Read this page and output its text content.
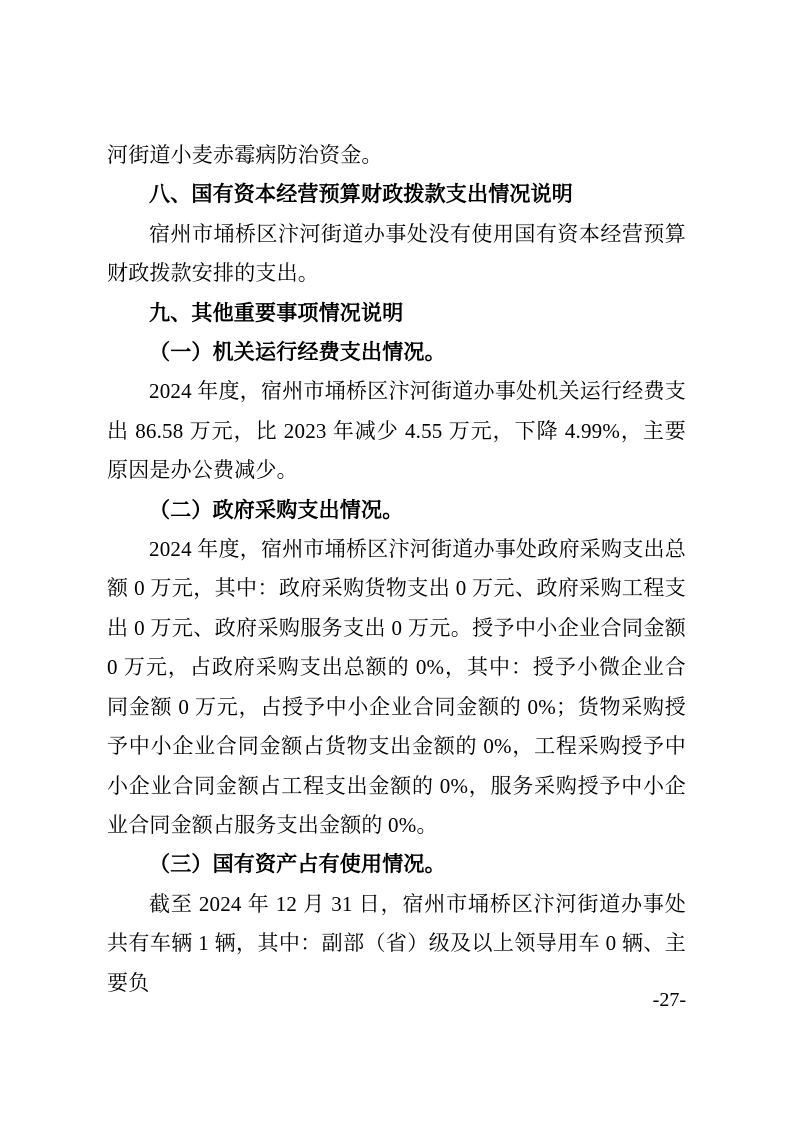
河街道小麦赤霉病防治资金。

八、国有资本经营预算财政拨款支出情况说明

宿州市埇桥区汴河街道办事处没有使用国有资本经营预算财政拨款安排的支出。

九、其他重要事项情况说明

（一）机关运行经费支出情况。

2024 年度，宿州市埇桥区汴河街道办事处机关运行经费支出 86.58 万元，比 2023 年减少 4.55 万元，下降 4.99%，主要原因是办公费减少。

（二）政府采购支出情况。

2024 年度，宿州市埇桥区汴河街道办事处政府采购支出总额 0 万元，其中：政府采购货物支出 0 万元、政府采购工程支出 0 万元、政府采购服务支出 0 万元。授予中小企业合同金额 0 万元，占政府采购支出总额的 0%，其中：授予小微企业合同金额 0 万元，占授予中小企业合同金额的 0%；货物采购授予中小企业合同金额占货物支出金额的 0%，工程采购授予中小企业合同金额占工程支出金额的 0%，服务采购授予中小企业合同金额占服务支出金额的 0%。

（三）国有资产占有使用情况。

截至 2024 年 12 月 31 日，宿州市埇桥区汴河街道办事处共有车辆 1 辆，其中：副部（省）级及以上领导用车 0 辆、主要负

-27-
